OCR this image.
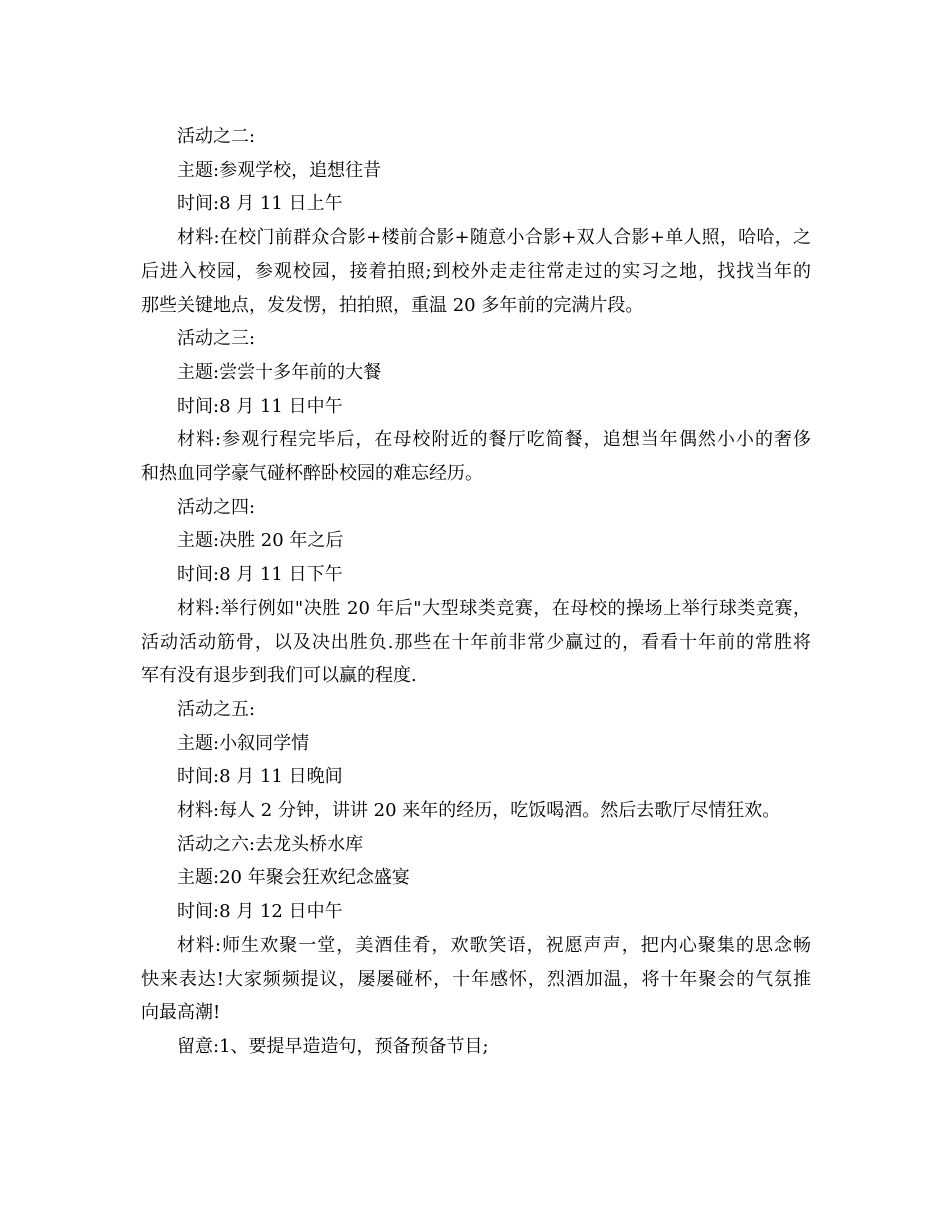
活动之二:
主题:参观学校，追想往昔
时间:8 月 11 日上午
材料:在校门前群众合影+楼前合影+随意小合影+双人合影+单人照，哈哈，之
后进入校园，参观校园，接着拍照;到校外走走往常走过的实习之地，找找当年的
那些关键地点，发发愣，拍拍照，重温 20 多年前的完满片段。
活动之三:
主题:尝尝十多年前的大餐
时间:8 月 11 日中午
材料:参观行程完毕后，在母校附近的餐厅吃简餐，追想当年偶然小小的奢侈
和热血同学豪气碰杯醉卧校园的难忘经历。
活动之四:
主题:决胜 20 年之后
时间:8 月 11 日下午
材料:举行例如"决胜 20 年后"大型球类竞赛，在母校的操场上举行球类竞赛，
活动活动筋骨，以及决出胜负.那些在十年前非常少赢过的，看看十年前的常胜将
军有没有退步到我们可以赢的程度.
活动之五:
主题:小叙同学情
时间:8 月 11 日晚间
材料:每人 2 分钟，讲讲 20 来年的经历，吃饭喝酒。然后去歌厅尽情狂欢。
活动之六:去龙头桥水库
主题:20 年聚会狂欢纪念盛宴
时间:8 月 12 日中午
材料:师生欢聚一堂，美酒佳肴，欢歌笑语，祝愿声声，把内心聚集的思念畅
快来表达!大家频频提议，屡屡碰杯，十年感怀，烈酒加温，将十年聚会的气氛推
向最高潮!
留意:1、要提早造造句，预备预备节目;
